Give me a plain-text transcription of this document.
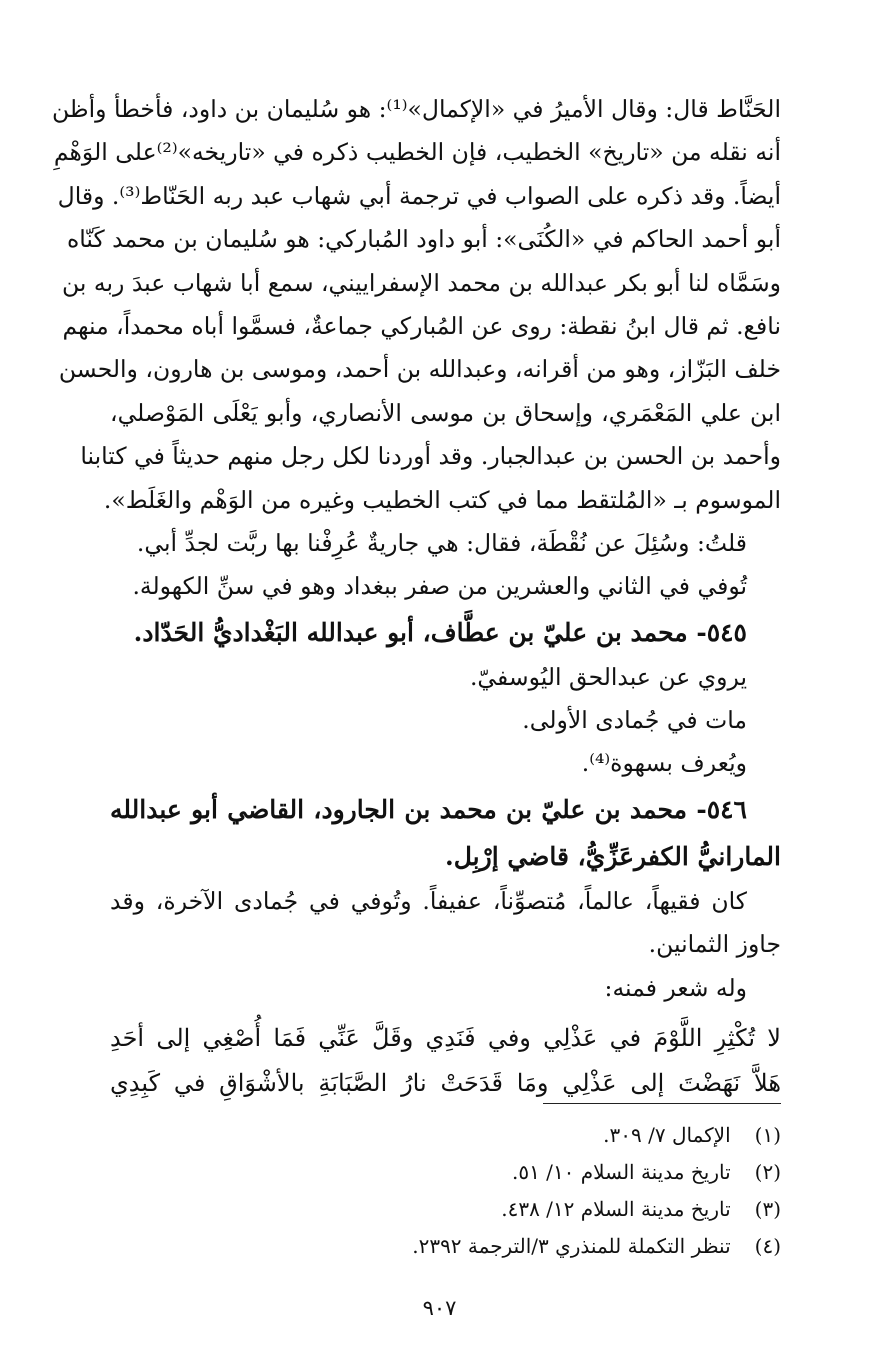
الحَنَّاط قال: وقال الأميرُ في «الإكمال»⁽¹⁾: هو سُليمان بن داود، فأخطأ وأظن
أنه نقله من «تاريخ» الخطيب، فإن الخطيب ذكره في «تاريخه»⁽²⁾على الوَهْمِ
أيضاً. وقد ذكره على الصواب في ترجمة أبي شهاب عبد ربه الحَنّاط⁽³⁾. وقال
أبو أحمد الحاكم في «الكُنَى»: أبو داود المُباركي: هو سُليمان بن محمد كَنّاه
وسَمَّاه لنا أبو بكر عبدالله بن محمد الإسفراييني، سمع أبا شهاب عبدَ ربه بن
نافع. ثم قال ابنُ نقطة: روى عن المُباركي جماعةٌ، فسمَّوا أباه محمداً، منهم
خلف البَزّاز، وهو من أقرانه، وعبدالله بن أحمد، وموسى بن هارون، والحسن
ابن علي المَعْمَري، وإسحاق بن موسى الأنصاري، وأبو يَعْلَى المَوْصلي،
وأحمد بن الحسن بن عبدالجبار. وقد أوردنا لكل رجل منهم حديثاً في كتابنا
الموسوم بـ «المُلتقط مما في كتب الخطيب وغيره من الوَهْم والغَلَط».
قلتُ: وسُئِلَ عن نُقْطَة، فقال: هي جاريةٌ عُرِفْنا بها ربَّت لجدِّ أبي.
تُوفي في الثاني والعشرين من صفر ببغداد وهو في سنِّ الكهولة.
٥٤٥- محمد بن عليّ بن عطَّاف، أبو عبدالله البَغْداديُّ الحَدّاد.
يروي عن عبدالحق اليُوسفيّ.
مات في جُمادى الأولى.
ويُعرف بسهوة⁽⁴⁾.
٥٤٦- محمد بن عليّ بن محمد بن الجارود، القاضي أبو عبدالله
المارانيُّ الكفرعَزِّيُّ، قاضي إرْبِل.
كان فقيهاً، عالماً، مُتصوِّناً، عفيفاً. وتُوفي في جُمادى الآخرة، وقد
جاوز الثمانين.
وله شعر فمنه:
لا تُكْثِرِ اللَّوْمَ في عَذْلِي وفي فَنَدِي وقَلَّ عَنِّي فَمَا أُصْغِي إلى أحَدِ
هَلاَّ نَهَضْتَ إلى عَذْلِي ومَا قَدَحَتْ نارُ الصَّبَابَةِ بالأشْوَاقِ في كَبِدِي
(١) الإكمال ٧/ ٣٠٩.
(٢) تاريخ مدينة السلام ١٠/ ٥١.
(٣) تاريخ مدينة السلام ١٢/ ٤٣٨.
(٤) تنظر التكملة للمنذري ٣/الترجمة ٢٣٩٢.
٩٠٧
